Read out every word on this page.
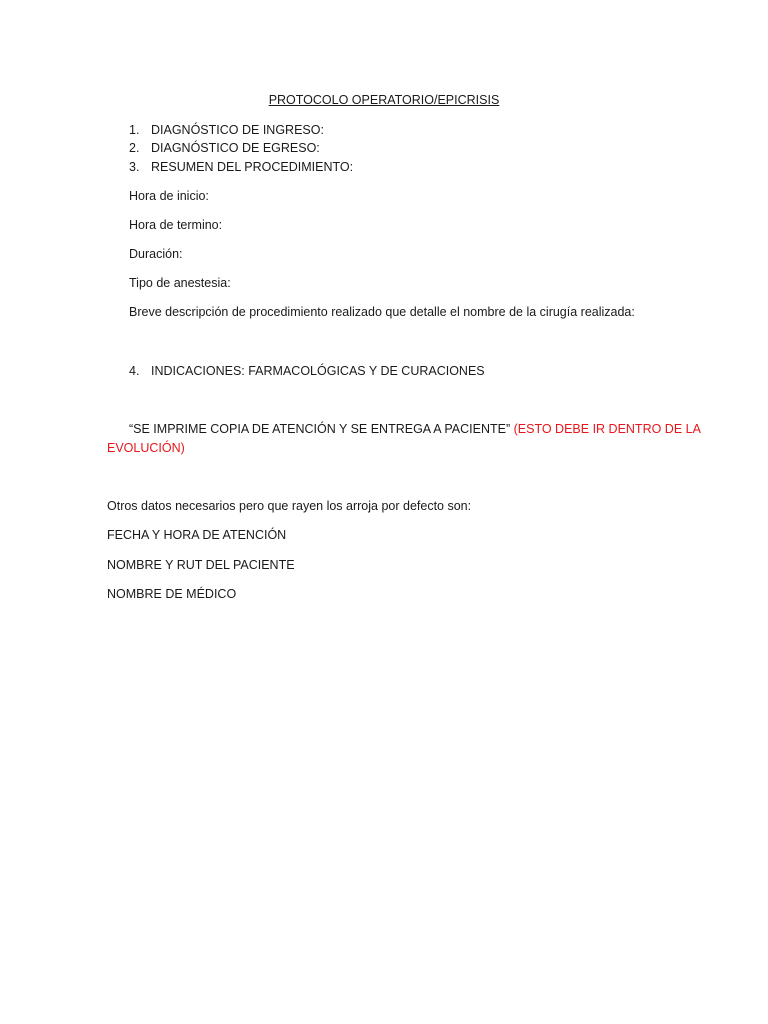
PROTOCOLO OPERATORIO/EPICRISIS
1. DIAGNÓSTICO DE INGRESO:
2. DIAGNÓSTICO DE EGRESO:
3. RESUMEN DEL PROCEDIMIENTO:
Hora de inicio:
Hora de termino:
Duración:
Tipo de anestesia:
Breve descripción de procedimiento realizado que detalle el nombre de la cirugía realizada:
4. INDICACIONES: FARMACOLÓGICAS Y DE CURACIONES
“SE IMPRIME COPIA DE ATENCIÓN Y SE ENTREGA A PACIENTE” (ESTO DEBE IR DENTRO DE LA
EVOLUCIÓN)
Otros datos necesarios pero que rayen los arroja por defecto son:
FECHA Y HORA DE ATENCIÓN
NOMBRE Y RUT DEL PACIENTE
NOMBRE DE MÉDICO
